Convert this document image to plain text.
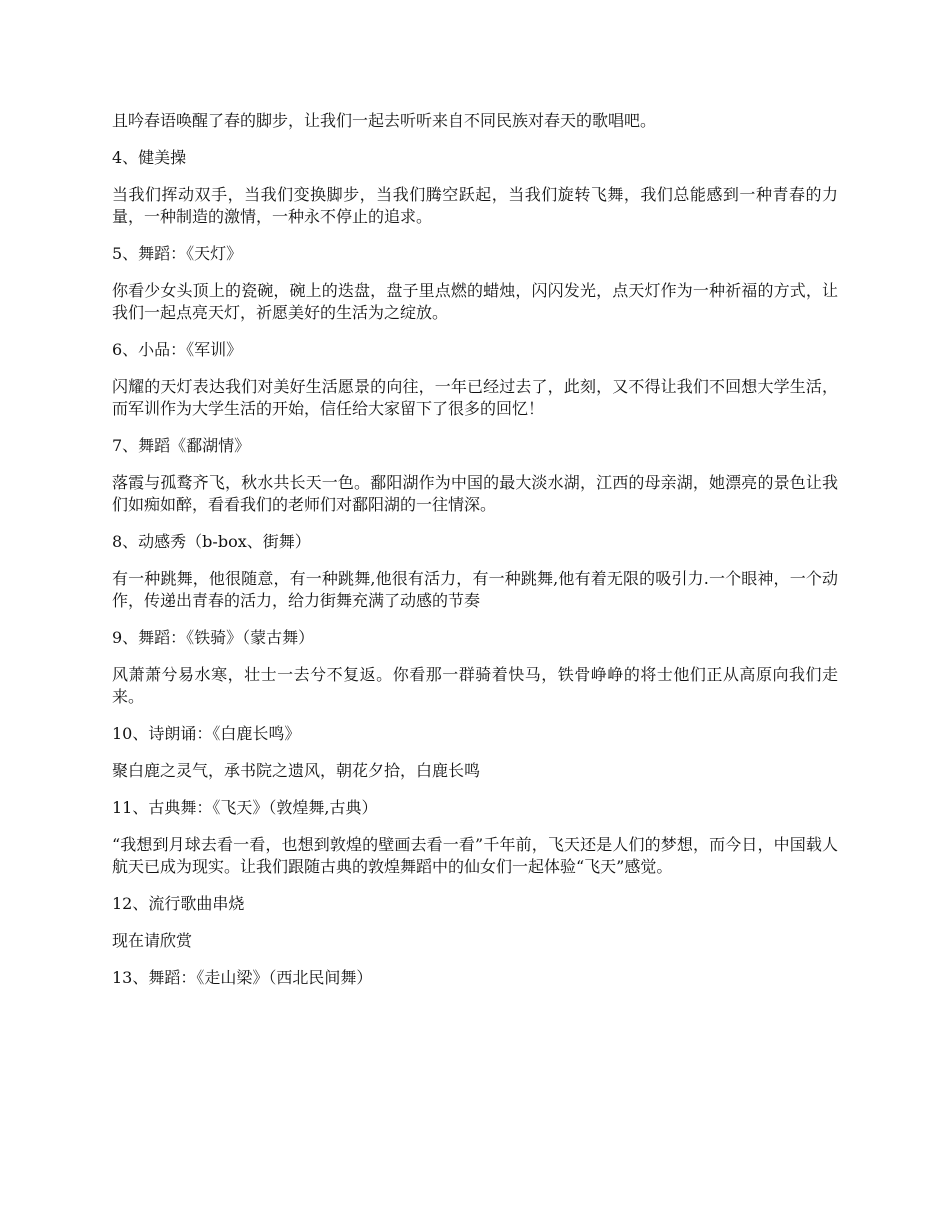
且吟春语唤醒了春的脚步，让我们一起去听听来自不同民族对春天的歌唱吧。

4、健美操

当我们挥动双手，当我们变换脚步，当我们腾空跃起，当我们旋转飞舞，我们总能感到一种青春的力量，一种制造的激情，一种永不停止的追求。

5、舞蹈：《天灯》

你看少女头顶上的瓷碗，碗上的迭盘，盘子里点燃的蜡烛，闪闪发光，点天灯作为一种祈福的方式，让我们一起点亮天灯，祈愿美好的生活为之绽放。

6、小品：《军训》

闪耀的天灯表达我们对美好生活愿景的向往，一年已经过去了，此刻，又不得让我们不回想大学生活，而军训作为大学生活的开始，信任给大家留下了很多的回忆！

7、舞蹈《鄱湖情》

落霞与孤鹜齐飞，秋水共长天一色。鄱阳湖作为中国的最大淡水湖，江西的母亲湖，她漂亮的景色让我们如痴如醉，看看我们的老师们对鄱阳湖的一往情深。

8、动感秀（b-box、街舞）

有一种跳舞，他很随意，有一种跳舞,他很有活力，有一种跳舞,他有着无限的吸引力.一个眼神，一个动作，传递出青春的活力，给力街舞充满了动感的节奏

9、舞蹈：《铁骑》（蒙古舞）

风萧萧兮易水寒，壮士一去兮不复返。你看那一群骑着快马，铁骨峥峥的将士他们正从高原向我们走来。

10、诗朗诵：《白鹿长鸣》

聚白鹿之灵气，承书院之遗风，朝花夕拾，白鹿长鸣

11、古典舞：《飞天》（敦煌舞,古典）

“我想到月球去看一看，也想到敦煌的壁画去看一看”千年前，飞天还是人们的梦想，而今日，中国载人航天已成为现实。让我们跟随古典的敦煌舞蹈中的仙女们一起体验“飞天”感觉。

12、流行歌曲串烧

现在请欣赏

13、舞蹈：《走山梁》（西北民间舞）
